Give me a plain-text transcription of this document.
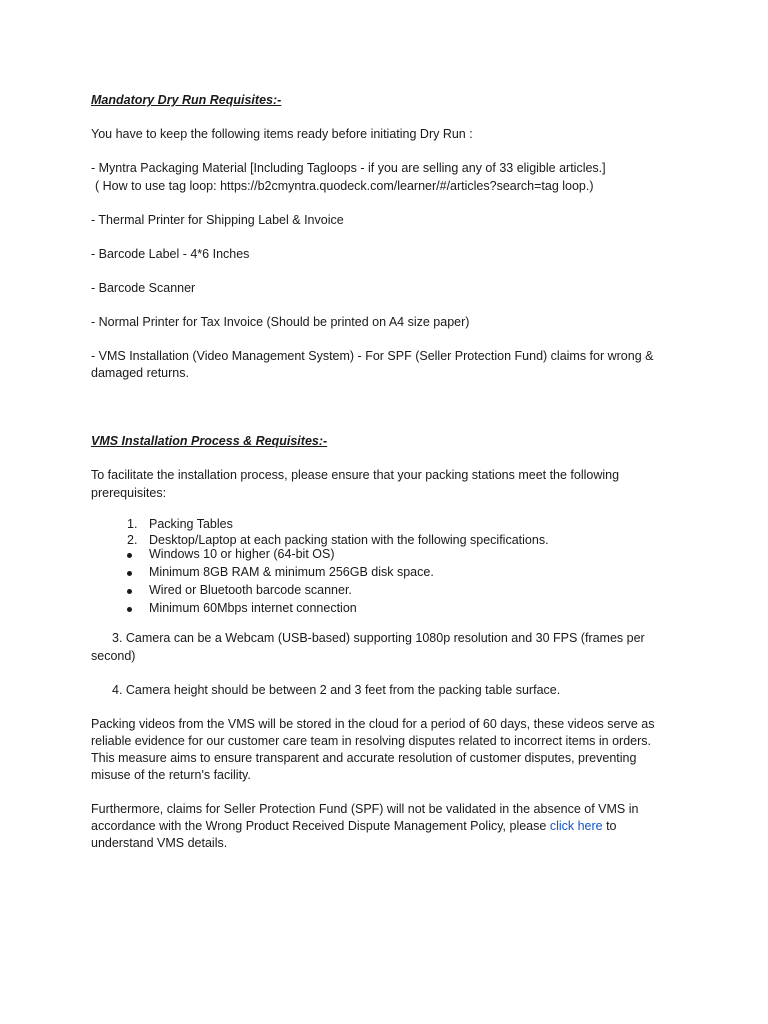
Mandatory Dry Run Requisites:-
You have to keep the following items ready before initiating Dry Run :
- Myntra Packaging Material [Including Tagloops - if you are selling any of 33 eligible articles.]
( How to use tag loop: https://b2cmyntra.quodeck.com/learner/#/articles?search=tag loop.)
- Thermal Printer for Shipping Label & Invoice
- Barcode Label - 4*6 Inches
- Barcode Scanner
- Normal Printer for Tax Invoice (Should be printed on A4 size paper)
- VMS Installation (Video Management System) - For SPF (Seller Protection Fund) claims for wrong &
damaged returns.
VMS Installation Process & Requisites:-
To facilitate the installation process, please ensure that your packing stations meet the following
prerequisites:
1. Packing Tables
2. Desktop/Laptop at each packing station with the following specifications.
Windows 10 or higher (64-bit OS)
Minimum 8GB RAM & minimum 256GB disk space.
Wired or Bluetooth barcode scanner.
Minimum 60Mbps internet connection
3. Camera can be a Webcam (USB-based) supporting 1080p resolution and 30 FPS (frames per
second)
4. Camera height should be between 2 and 3 feet from the packing table surface.
Packing videos from the VMS will be stored in the cloud for a period of 60 days, these videos serve as
reliable evidence for our customer care team in resolving disputes related to incorrect items in orders.
This measure aims to ensure transparent and accurate resolution of customer disputes, preventing
misuse of the return's facility.
Furthermore, claims for Seller Protection Fund (SPF) will not be validated in the absence of VMS in
accordance with the Wrong Product Received Dispute Management Policy, please click here to
understand VMS details.
